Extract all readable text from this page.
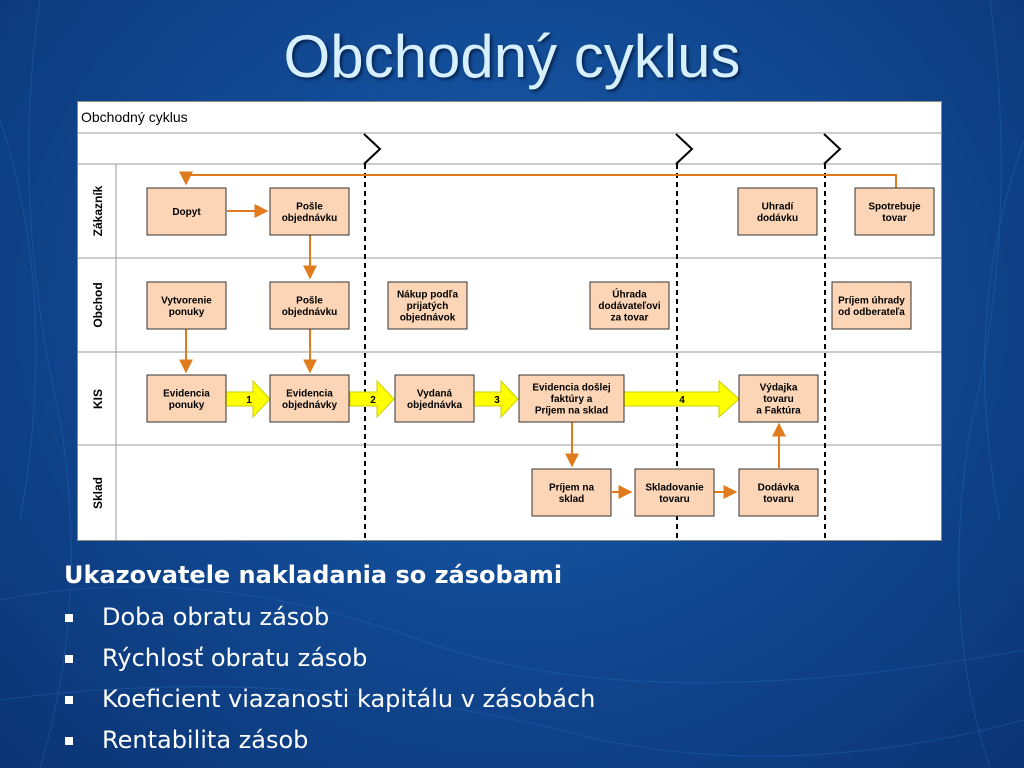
Obchodný cyklus
Obchodný cyklus
Zákazník
Obchod
KIS
Sklad
1	2	3	4
Dopyt
Pošle
objednávku
Uhradí
dodávku
Spotrebuje
tovar
Vytvorenie
ponuky
Pošle
objednávku
Nákup podľa
prijatých
objednávok
Úhrada
dodávateľovi
za tovar
Príjem úhrady
od odberateľa
Evidencia
ponuky
Evidencia
objednávky
Vydaná
objednávka
Evidencia došlej
faktúry a
Príjem na sklad
Výdajka
tovaru
a Faktúra
Príjem na
sklad
Skladovanie
tovaru
Dodávka
tovaru
Ukazovatele nakladania so zásobami
Doba obratu zásob
Rýchlosť obratu zásob
Koeficient viazanosti kapitálu v zásobách
Rentabilita zásob
